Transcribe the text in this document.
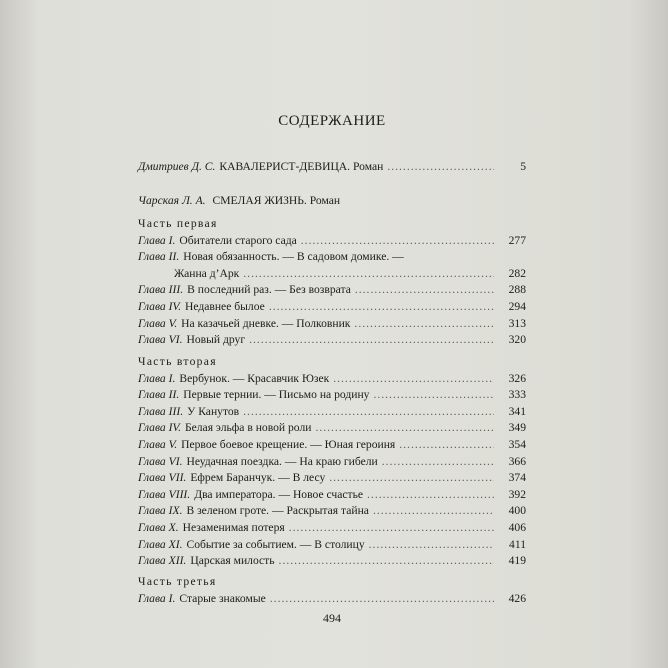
СОДЕРЖАНИЕ
Дмитриев Д. С. КАВАЛЕРИСТ-ДЕВИЦА. Роман .....	5
Чарская Л. А. СМЕЛАЯ ЖИЗНЬ. Роман
Часть первая
Глава I. Обитатели старого сада .....	277
Глава II. Новая обязанность. — В садовом домике. —
Жанна д’Арк .....	282
Глава III. В последний раз. — Без возврата .....	288
Глава IV. Недавнее былое .....	294
Глава V. На казачьей дневке. — Полковник .....	313
Глава VI. Новый друг .....	320
Часть вторая
Глава I. Вербунок. — Красавчик Юзек .....	326
Глава II. Первые тернии. — Письмо на родину .....	333
Глава III. У Канутов .....	341
Глава IV. Белая эльфа в новой роли .....	349
Глава V. Первое боевое крещение. — Юная героиня .....	354
Глава VI. Неудачная поездка. — На краю гибели .....	366
Глава VII. Ефрем Баранчук. — В лесу .....	374
Глава VIII. Два императора. — Новое счастье .....	392
Глава IX. В зеленом гроте. — Раскрытая тайна .....	400
Глава X. Незаменимая потеря .....	406
Глава XI. Событие за событием. — В столицу .....	411
Глава XII. Царская милость .....	419
Часть третья
Глава I. Старые знакомые .....	426
494
